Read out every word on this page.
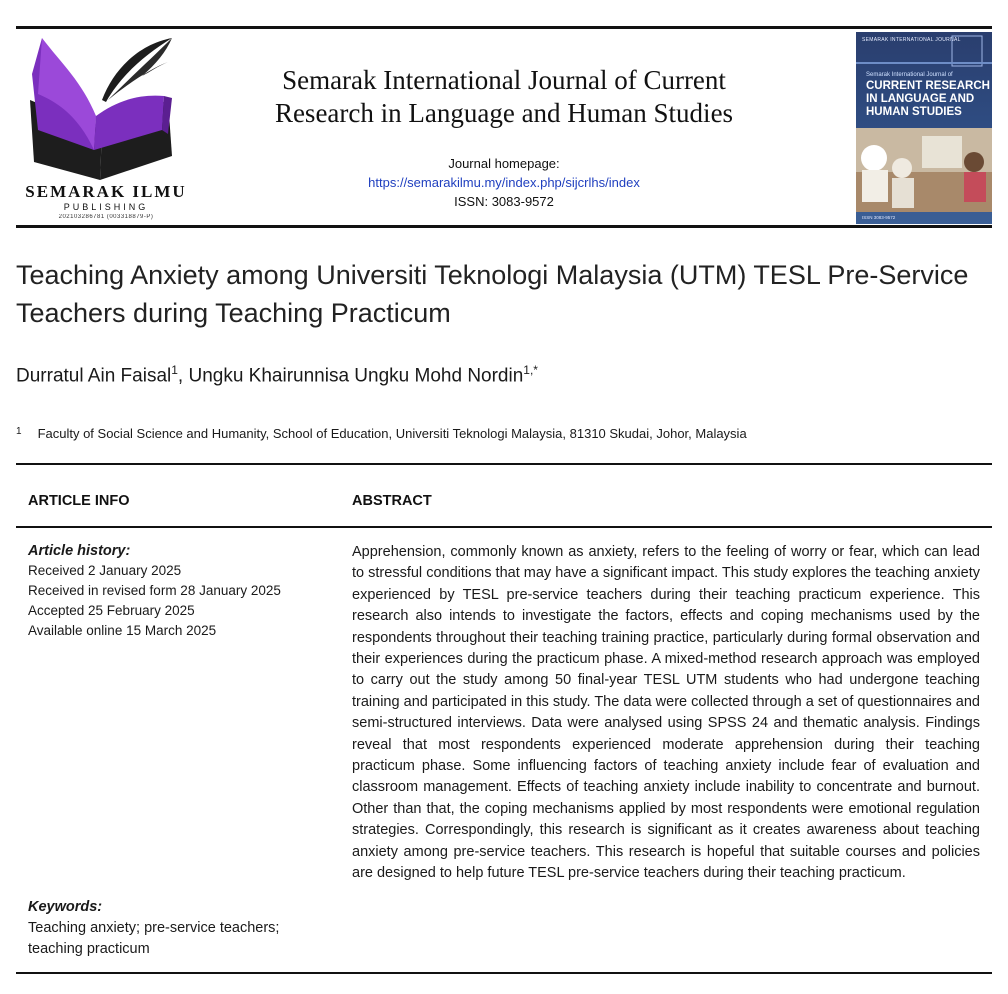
SEMARAK ILMU
PUBLISHING
202103286781 (003318879-P)
Semarak International Journal of Current
Research in Language and Human Studies
Journal homepage:
https://semarakilmu.my/index.php/sijcrlhs/index
ISSN: 3083-9572
SEMARAK INTERNATIONAL JOURNAL
Semarak International Journal of
CURRENT RESEARCH IN LANGUAGE AND HUMAN STUDIES
ISSN 3083-9572
Teaching Anxiety among Universiti Teknologi Malaysia (UTM) TESL Pre-Service Teachers during Teaching Practicum
Durratul Ain Faisal$^1$, Ungku Khairunnisa Ungku Mohd Nordin$^{1,*}$
$^1$ Faculty of Social Science and Humanity, School of Education, Universiti Teknologi Malaysia, 81310 Skudai, Johor, Malaysia
ARTICLE INFO	ABSTRACT
Article history:
Received 2 January 2025
Received in revised form 28 January 2025
Accepted 25 February 2025
Available online 15 March 2025
Keywords:
Teaching anxiety; pre-service teachers; teaching practicum
Apprehension, commonly known as anxiety, refers to the feeling of worry or fear, which can lead to stressful conditions that may have a significant impact. This study explores the teaching anxiety experienced by TESL pre-service teachers during their teaching practicum experience. This research also intends to investigate the factors, effects and coping mechanisms used by the respondents throughout their teaching training practice, particularly during formal observation and their experiences during the practicum phase. A mixed-method research approach was employed to carry out the study among 50 final-year TESL UTM students who had undergone teaching training and participated in this study. The data were collected through a set of questionnaires and semi-structured interviews. Data were analysed using SPSS 24 and thematic analysis. Findings reveal that most respondents experienced moderate apprehension during their teaching practicum phase. Some influencing factors of teaching anxiety include fear of evaluation and classroom management. Effects of teaching anxiety include inability to concentrate and burnout. Other than that, the coping mechanisms applied by most respondents were emotional regulation strategies. Correspondingly, this research is significant as it creates awareness about teaching anxiety among pre-service teachers. This research is hopeful that suitable courses and policies are designed to help future TESL pre-service teachers during their teaching practicum.
